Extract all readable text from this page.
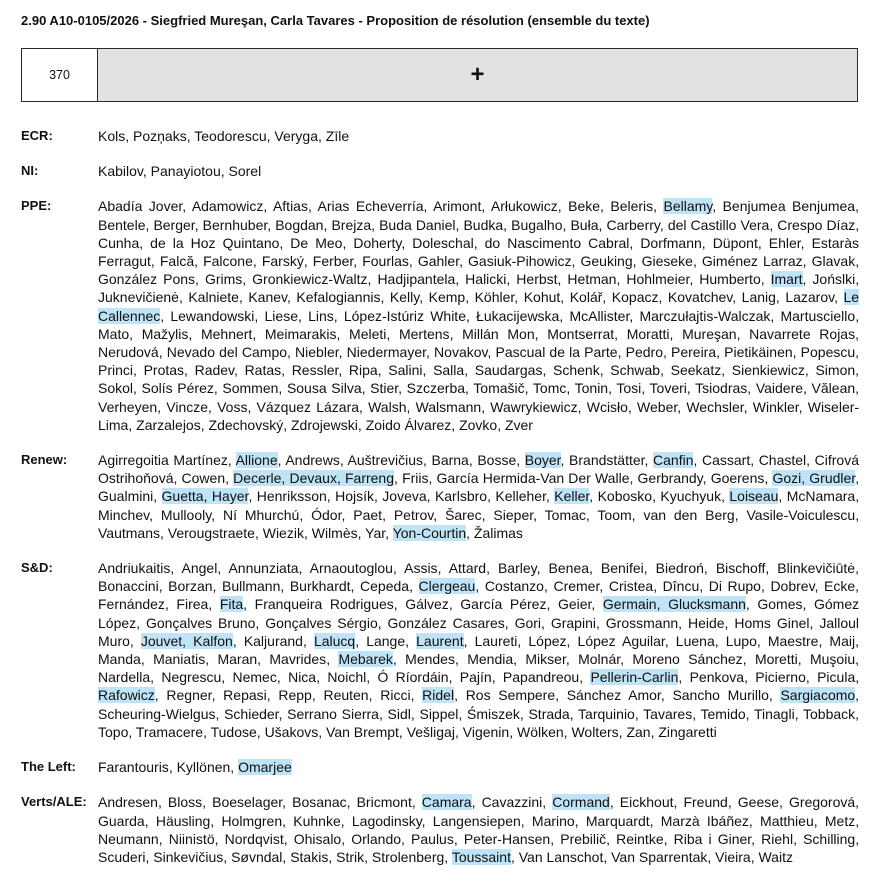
2.90 A10-0105/2026 - Siegfried Mureşan, Carla Tavares - Proposition de résolution (ensemble du texte)
370	+
ECR:	Kols, Pozņaks, Teodorescu, Veryga, Zīle
NI:	Kabilov, Panayiotou, Sorel
PPE:	Abadía Jover, Adamowicz, Aftias, Arias Echeverría, Arimont, Arłukowicz, Beke, Beleris, Bellamy, Benjumea Benjumea, Bentele, Berger, Bernhuber, Bogdan, Brejza, Buda Daniel, Budka, Bugalho, Buła, Carberry, del Castillo Vera, Crespo Díaz, Cunha, de la Hoz Quintano, De Meo, Doherty, Doleschal, do Nascimento Cabral, Dorfmann, Düpont, Ehler, Estaràs Ferragut, Falcă, Falcone, Farský, Ferber, Fourlas, Gahler, Gasiuk-Pihowicz, Geuking, Gieseke, Giménez Larraz, Glavak, González Pons, Grims, Gronkiewicz-Waltz, Hadjipantela, Halicki, Herbst, Hetman, Hohlmeier, Humberto, Imart, Jońslki, Juknevičienė, Kalniete, Kanev, Kefalogiannis, Kelly, Kemp, Köhler, Kohut, Kolář, Kopacz, Kovatchev, Lanig, Lazarov, Le Callennec, Lewandowski, Liese, Lins, López-Istúriz White, Łukacijewska, McAllister, Marczułajtis-Walczak, Martusciello, Mato, Mažylis, Mehnert, Meimarakis, Meleti, Mertens, Millán Mon, Montserrat, Moratti, Mureşan, Navarrete Rojas, Nerudová, Nevado del Campo, Niebler, Niedermayer, Novakov, Pascual de la Parte, Pedro, Pereira, Pietikäinen, Popescu, Princi, Protas, Radev, Ratas, Ressler, Ripa, Salini, Salla, Saudargas, Schenk, Schwab, Seekatz, Sienkiewicz, Simon, Sokol, Solís Pérez, Sommen, Sousa Silva, Stier, Szczerba, Tomašič, Tomc, Tonin, Tosi, Toveri, Tsiodras, Vaidere, Vălean, Verheyen, Vincze, Voss, Vázquez Lázara, Walsh, Walsmann, Wawrykiewicz, Wcisło, Weber, Wechsler, Winkler, Wiseler-Lima, Zarzalejos, Zdechovský, Zdrojewski, Zoido Álvarez, Zovko, Zver
Renew:	Agirregoitia Martínez, Allione, Andrews, Auštrevičius, Barna, Bosse, Boyer, Brandstätter, Canfin, Cassart, Chastel, Cifrová Ostrihoňová, Cowen, Decerle, Devaux, Farreng, Friis, García Hermida-Van Der Walle, Gerbrandy, Goerens, Gozi, Grudler, Gualmini, Guetta, Hayer, Henriksson, Hojsík, Joveva, Karlsbro, Kelleher, Keller, Kobosko, Kyuchyuk, Loiseau, McNamara, Minchev, Mullooly, Ní Mhurchú, Ódor, Paet, Petrov, Šarec, Sieper, Tomac, Toom, van den Berg, Vasile-Voiculescu, Vautmans, Verougstraete, Wiezik, Wilmès, Yar, Yon-Courtin, Žalimas
S&D:	Andriukaitis, Angel, Annunziata, Arnaoutoglou, Assis, Attard, Barley, Benea, Benifei, Biedroń, Bischoff, Blinkevičiūtė, Bonaccini, Borzan, Bullmann, Burkhardt, Cepeda, Clergeau, Costanzo, Cremer, Cristea, Dîncu, Di Rupo, Dobrev, Ecke, Fernández, Firea, Fita, Franqueira Rodrigues, Gálvez, García Pérez, Geier, Germain, Glucksmann, Gomes, Gómez López, Gonçalves Bruno, Gonçalves Sérgio, González Casares, Gori, Grapini, Grossmann, Heide, Homs Ginel, Jalloul Muro, Jouvet, Kalfon, Kaljurand, Lalucq, Lange, Laurent, Laureti, López, López Aguilar, Luena, Lupo, Maestre, Maij, Manda, Maniatis, Maran, Mavrides, Mebarek, Mendes, Mendia, Mikser, Molnár, Moreno Sánchez, Moretti, Muşoiu, Nardella, Negrescu, Nemec, Nica, Noichl, Ó Ríordáin, Pajín, Papandreou, Pellerin-Carlin, Penkova, Picierno, Picula, Rafowicz, Regner, Repasi, Repp, Reuten, Ricci, Ridel, Ros Sempere, Sánchez Amor, Sancho Murillo, Sargiacomo, Scheuring-Wielgus, Schieder, Serrano Sierra, Sidl, Sippel, Śmiszek, Strada, Tarquinio, Tavares, Temido, Tinagli, Tobback, Topo, Tramacere, Tudose, Ušakovs, Van Brempt, Vešligaj, Vigenin, Wölken, Wolters, Zan, Zingaretti
The Left:	Farantouris, Kyllönen, Omarjee
Verts/ALE: Andresen, Bloss, Boeselager, Bosanac, Bricmont, Camara, Cavazzini, Cormand, Eickhout, Freund, Geese, Gregorová, Guarda, Häusling, Holmgren, Kuhnke, Lagodinsky, Langensiepen, Marino, Marquardt, Marzà Ibáñez, Matthieu, Metz, Neumann, Niinistö, Nordqvist, Ohisalo, Orlando, Paulus, Peter-Hansen, Prebilič, Reintke, Riba i Giner, Riehl, Schilling, Scuderi, Sinkevičius, Søvndal, Stakis, Strik, Strolenberg, Toussaint, Van Lanschot, Van Sparrentak, Vieira, Waitz
